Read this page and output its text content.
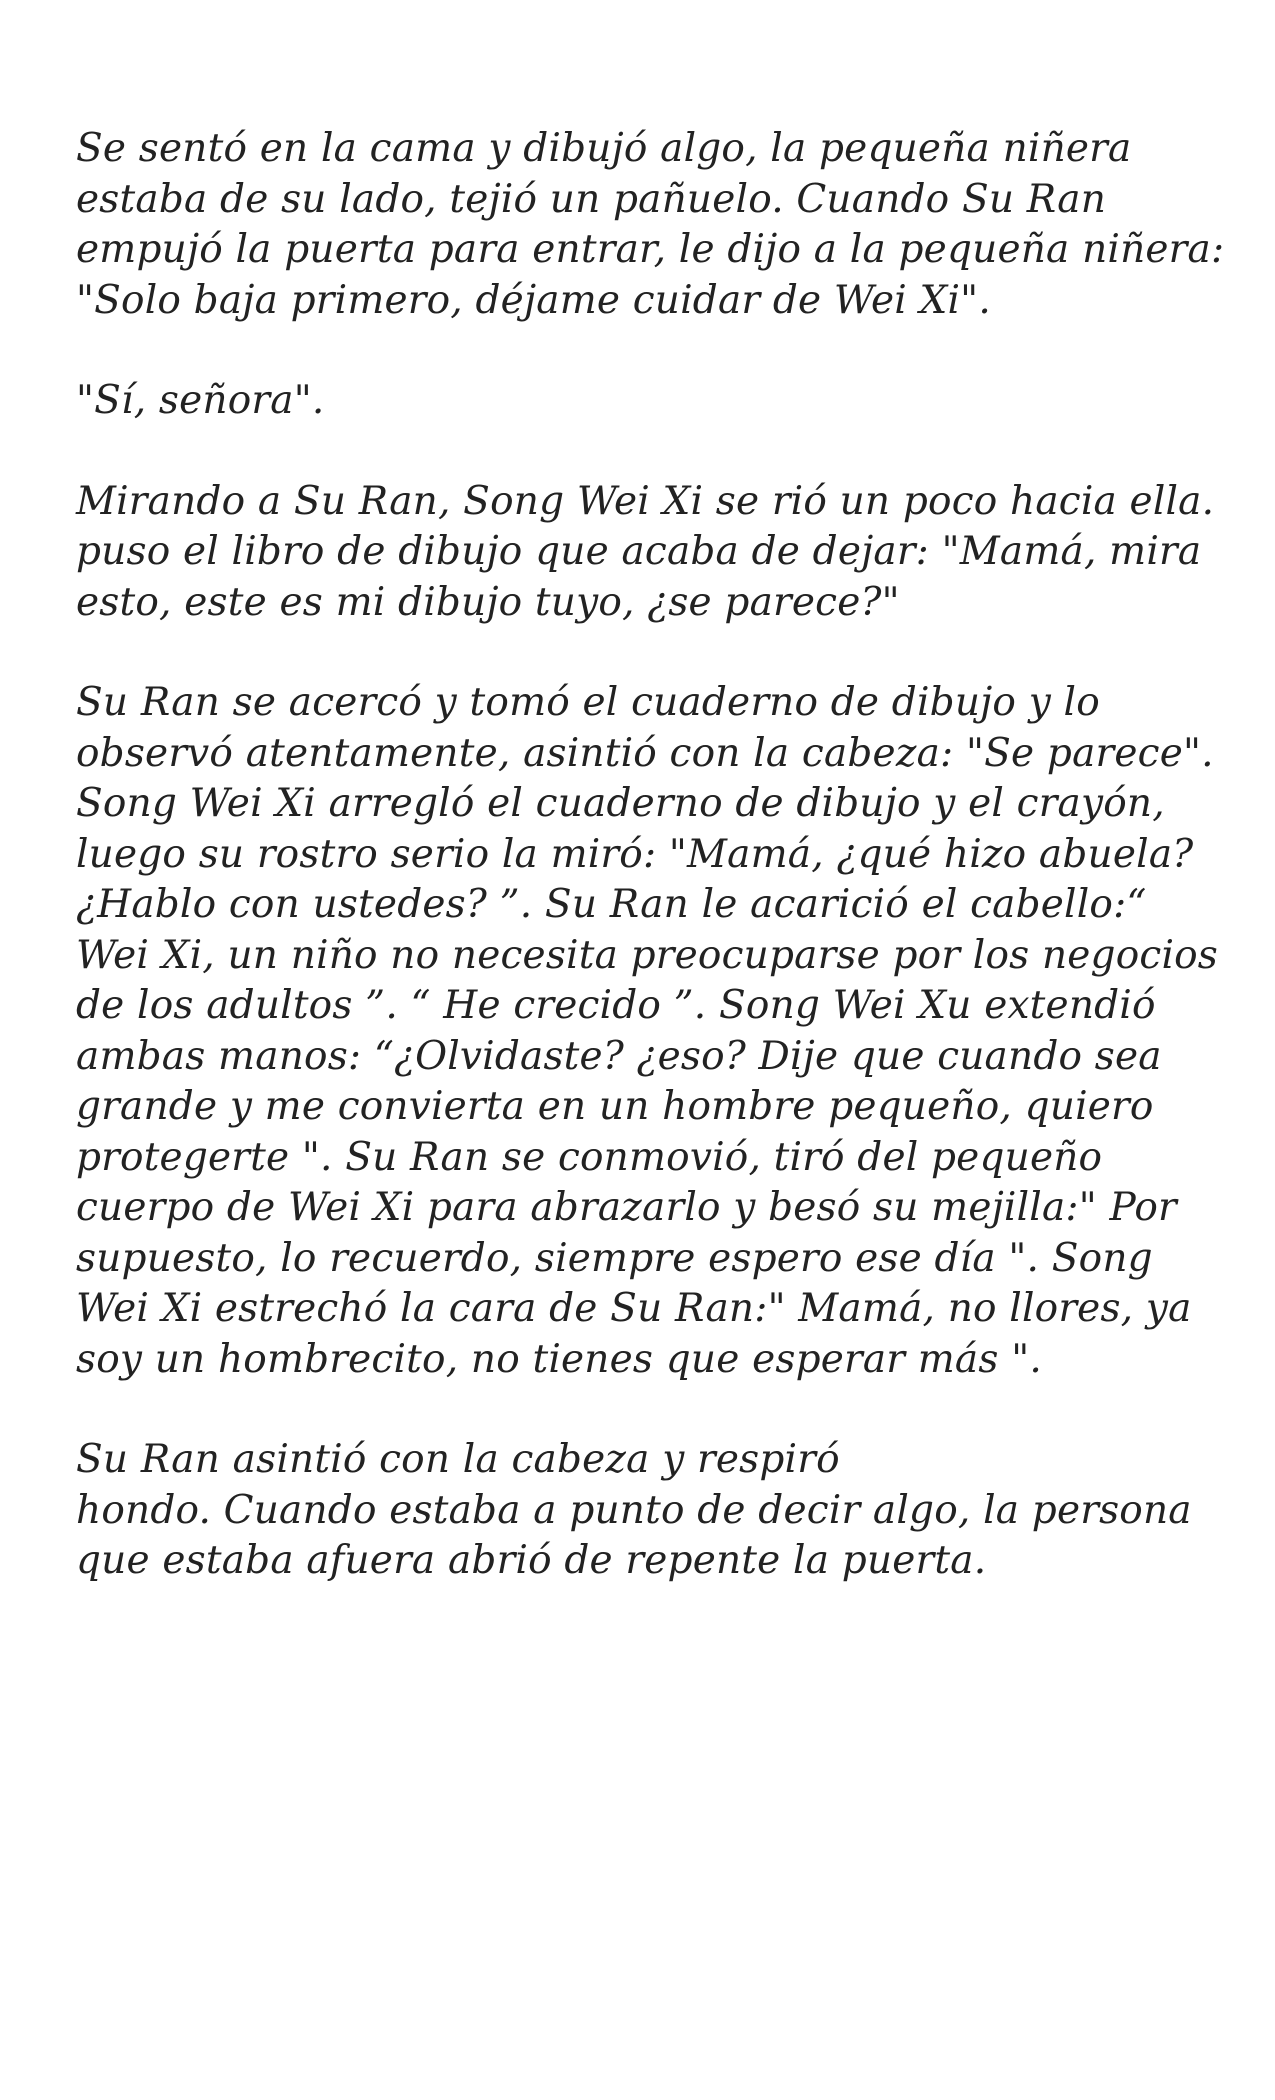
Se sentó en la cama y dibujó algo, la pequeña niñera estaba de su lado, tejió un pañuelo. Cuando Su Ran empujó la puerta para entrar, le dijo a la pequeña niñera: "Solo baja primero, déjame cuidar de Wei Xi".

"Sí, señora".

Mirando a Su Ran, Song Wei Xi se rió un poco hacia ella. puso el libro de dibujo que acaba de dejar: "Mamá, mira esto, este es mi dibujo tuyo, ¿se parece?"

Su Ran se acercó y tomó el cuaderno de dibujo y lo observó atentamente, asintió con la cabeza: "Se parece". Song Wei Xi arregló el cuaderno de dibujo y el crayón, luego su rostro serio la miró: "Mamá, ¿qué hizo abuela? ¿Hablo con ustedes? ”. Su Ran le acarició el cabello:“ Wei Xi, un niño no necesita preocuparse por los negocios de los adultos ”. “ He crecido ”. Song Wei Xu extendió ambas manos: “¿Olvidaste? ¿eso? Dije que cuando sea grande y me convierta en un hombre pequeño, quiero protegerte ". Su Ran se conmovió, tiró del pequeño cuerpo de Wei Xi para abrazarlo y besó su mejilla:" Por supuesto, lo recuerdo, siempre espero ese día ". Song Wei Xi estrechó la cara de Su Ran:" Mamá, no llores, ya soy un hombrecito, no tienes que esperar más ".

Su Ran asintió con la cabeza y respiró
hondo. Cuando estaba a punto de decir algo, la persona que estaba afuera abrió de repente la puerta.
